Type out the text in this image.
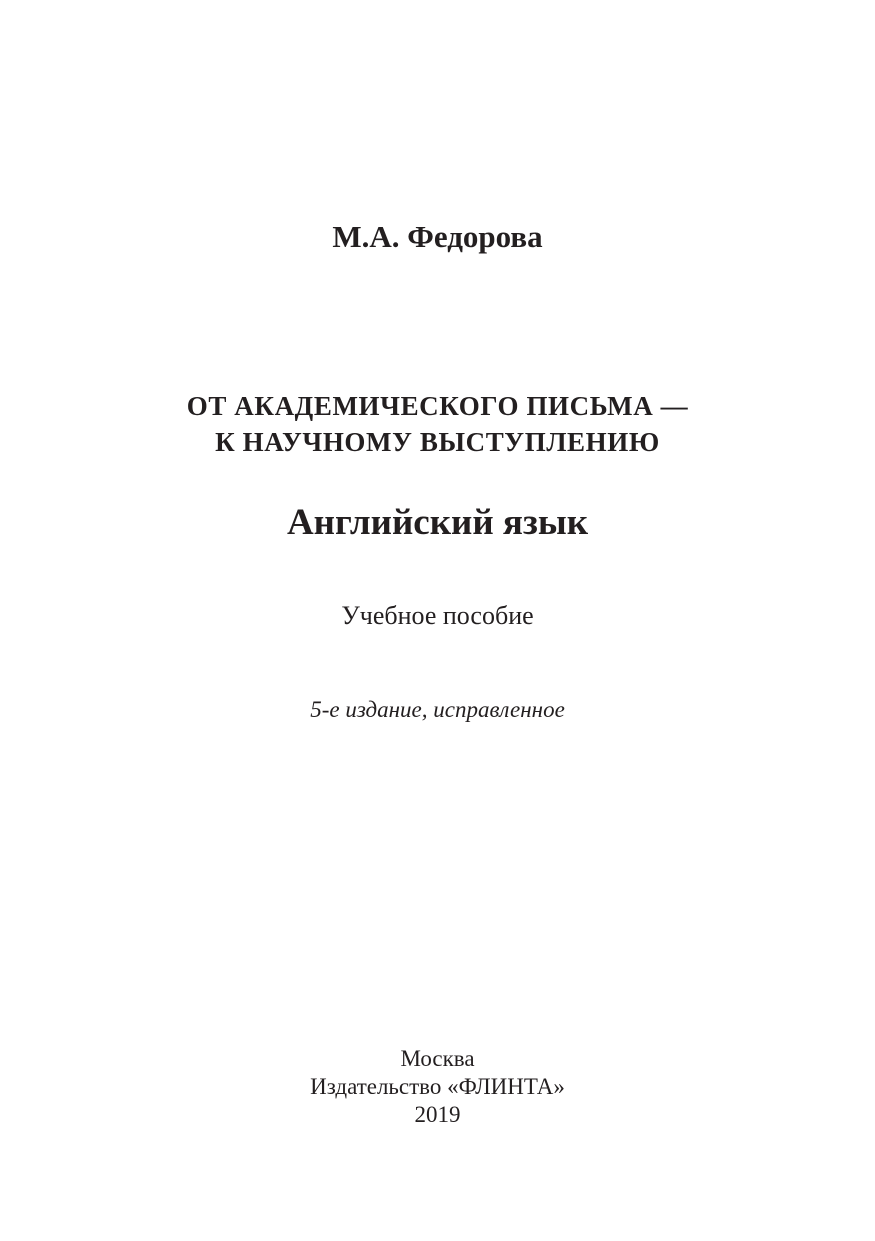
М.А. Федорова
ОТ АКАДЕМИЧЕСКОГО ПИСЬМА —
К НАУЧНОМУ ВЫСТУПЛЕНИЮ
Английский язык
Учебное пособие
5-е издание, исправленное
Москва
Издательство «ФЛИНТА»
2019
